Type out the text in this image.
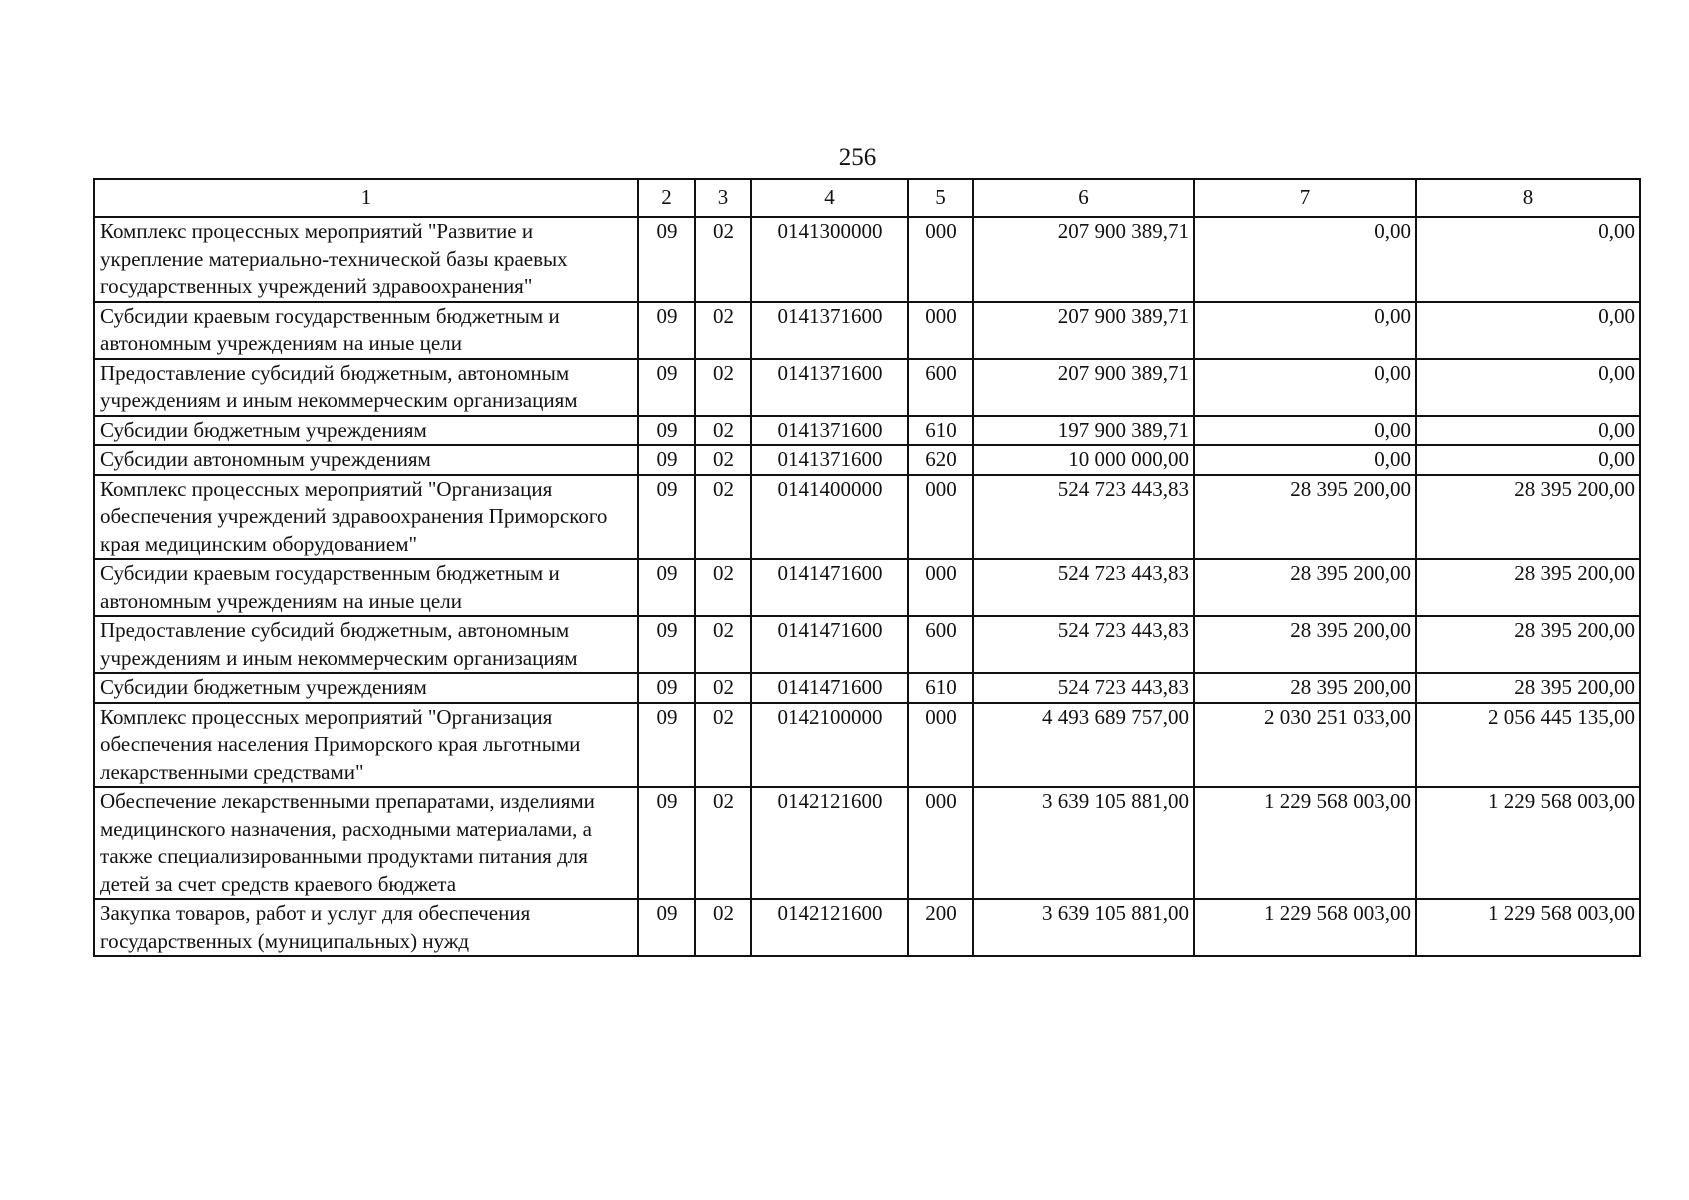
256
1	2	3	4	5	6	7	8
Комплекс процессных мероприятий "Развитие и укрепление материально-технической базы краевых государственных учреждений здравоохранения"	09	02	0141300000	000	207 900 389,71	0,00	0,00
Субсидии краевым государственным бюджетным и автономным учреждениям на иные цели	09	02	0141371600	000	207 900 389,71	0,00	0,00
Предоставление субсидий бюджетным, автономным учреждениям и иным некоммерческим организациям	09	02	0141371600	600	207 900 389,71	0,00	0,00
Субсидии бюджетным учреждениям	09	02	0141371600	610	197 900 389,71	0,00	0,00
Субсидии автономным учреждениям	09	02	0141371600	620	10 000 000,00	0,00	0,00
Комплекс процессных мероприятий "Организация обеспечения учреждений здравоохранения Приморского края медицинским оборудованием"	09	02	0141400000	000	524 723 443,83	28 395 200,00	28 395 200,00
Субсидии краевым государственным бюджетным и автономным учреждениям на иные цели	09	02	0141471600	000	524 723 443,83	28 395 200,00	28 395 200,00
Предоставление субсидий бюджетным, автономным учреждениям и иным некоммерческим организациям	09	02	0141471600	600	524 723 443,83	28 395 200,00	28 395 200,00
Субсидии бюджетным учреждениям	09	02	0141471600	610	524 723 443,83	28 395 200,00	28 395 200,00
Комплекс процессных мероприятий "Организация обеспечения населения Приморского края льготными лекарственными средствами"	09	02	0142100000	000	4 493 689 757,00	2 030 251 033,00	2 056 445 135,00
Обеспечение лекарственными препаратами, изделиями медицинского назначения, расходными материалами, а также специализированными продуктами питания для детей за счет средств краевого бюджета	09	02	0142121600	000	3 639 105 881,00	1 229 568 003,00	1 229 568 003,00
Закупка товаров, работ и услуг для обеспечения государственных (муниципальных) нужд	09	02	0142121600	200	3 639 105 881,00	1 229 568 003,00	1 229 568 003,00
